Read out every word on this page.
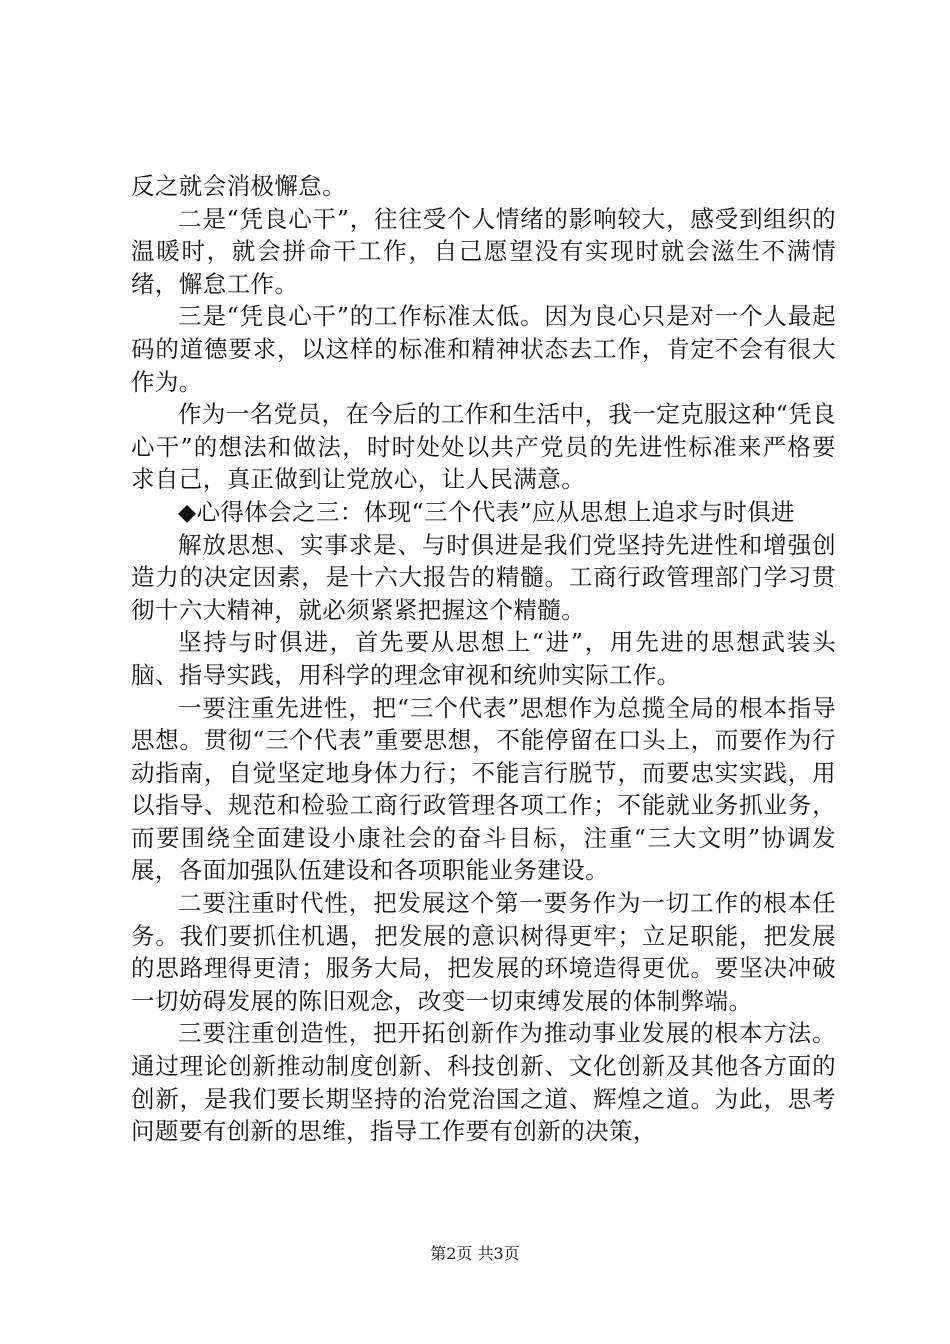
反之就会消极懈怠。

二是“凭良心干”，往往受个人情绪的影响较大，感受到组织的温暖时，就会拼命干工作，自己愿望没有实现时就会滋生不满情绪，懈怠工作。

三是“凭良心干”的工作标准太低。因为良心只是对一个人最起码的道德要求，以这样的标准和精神状态去工作，肯定不会有很大作为。

作为一名党员，在今后的工作和生活中，我一定克服这种“凭良心干”的想法和做法，时时处处以共产党员的先进性标准来严格要求自己，真正做到让党放心，让人民满意。

◆心得体会之三：体现“三个代表”应从思想上追求与时俱进

解放思想、实事求是、与时俱进是我们党坚持先进性和增强创造力的决定因素，是十六大报告的精髓。工商行政管理部门学习贯彻十六大精神，就必须紧紧把握这个精髓。

坚持与时俱进，首先要从思想上“进”，用先进的思想武装头脑、指导实践，用科学的理念审视和统帅实际工作。

一要注重先进性，把“三个代表”思想作为总揽全局的根本指导思想。贯彻“三个代表”重要思想，不能停留在口头上，而要作为行动指南，自觉坚定地身体力行；不能言行脱节，而要忠实实践，用以指导、规范和检验工商行政管理各项工作；不能就业务抓业务，而要围绕全面建设小康社会的奋斗目标，注重“三大文明”协调发展，各面加强队伍建设和各项职能业务建设。

二要注重时代性，把发展这个第一要务作为一切工作的根本任务。我们要抓住机遇，把发展的意识树得更牢；立足职能，把发展的思路理得更清；服务大局，把发展的环境造得更优。要坚决冲破一切妨碍发展的陈旧观念，改变一切束缚发展的体制弊端。

三要注重创造性，把开拓创新作为推动事业发展的根本方法。通过理论创新推动制度创新、科技创新、文化创新及其他各方面的创新，是我们要长期坚持的治党治国之道、辉煌之道。为此，思考问题要有创新的思维，指导工作要有创新的决策，

第2页 共3页
